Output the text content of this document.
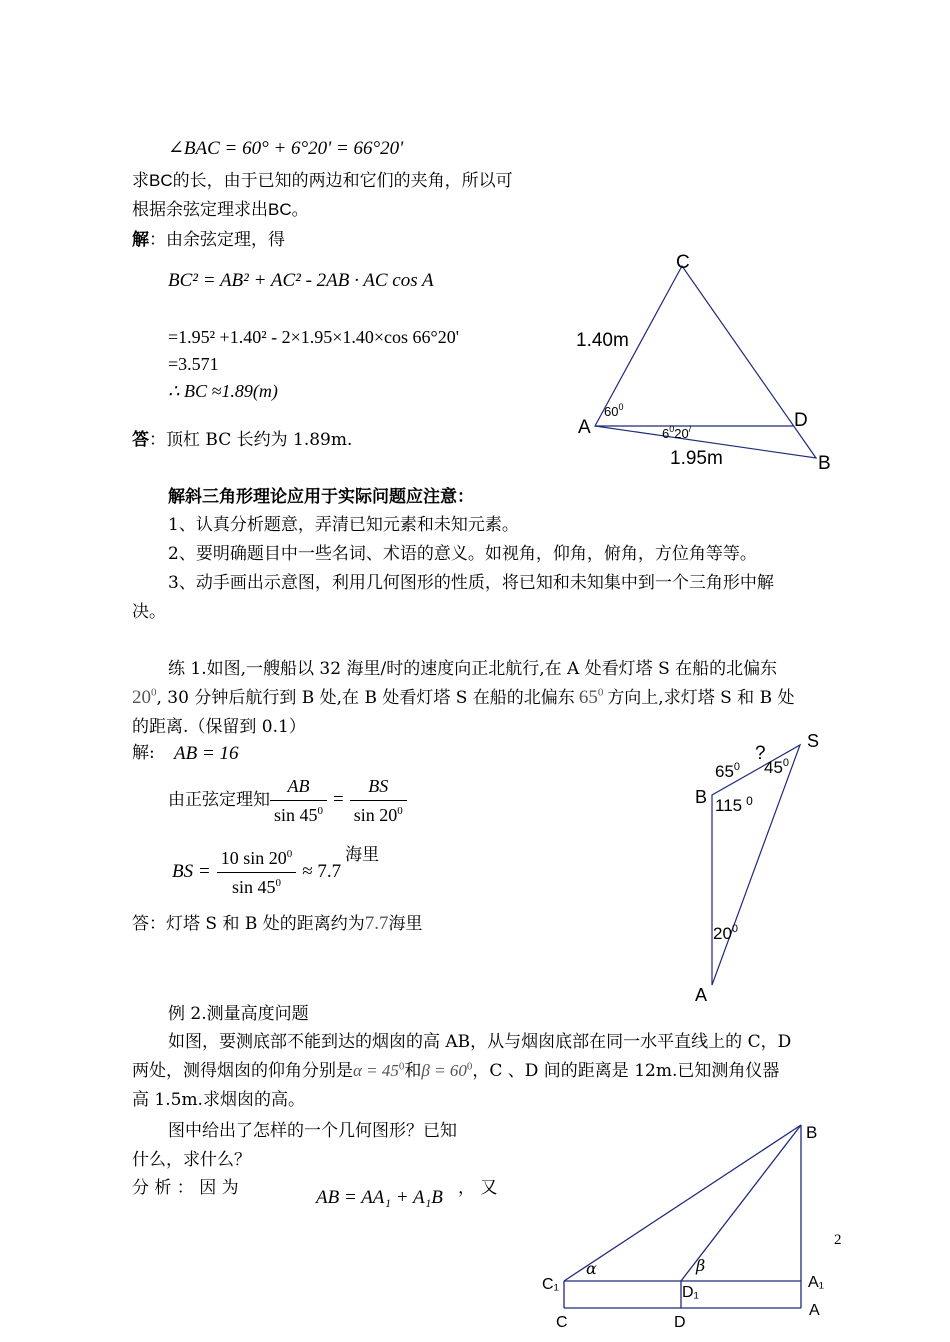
∠BAC = 60° + 6°20' = 66°20'
求BC的长，由于已知的两边和它们的夹角，所以可
根据余弦定理求出BC。
解：由余弦定理，得
BC² = AB² + AC² - 2AB · AC cos A
=1.95² +1.40² - 2×1.95×1.40×cos 66°20'
=3.571
∴ BC ≈1.89(m)
答：顶杠 BC 长约为 1.89m.
C
A	D
B
1.40m
1.95m
$60^0$
$6^020^/$
解斜三角形理论应用于实际问题应注意：
1、认真分析题意，弄清已知元素和未知元素。
2、要明确题目中一些名词、术语的意义。如视角，仰角，俯角，方位角等等。
3、动手画出示意图，利用几何图形的性质，将已知和未知集中到一个三角形中解
决。
练 1.如图,一艘船以 32 海里/时的速度向正北航行,在 A 处看灯塔 S 在船的北偏东
$20^0$, 30 分钟后航行到 B 处,在 B 处看灯塔 S 在船的北偏东 $65^0$ 方向上,求灯塔 S 和 B 处
的距离.（保留到 0.1）
解: AB = 16
由正弦定理知 $\frac{AB}{\sin 45^0} = \frac{BS}{\sin 20^0}$
BS = $\frac{10 \sin 20^0}{\sin 45^0} \approx 7.7$
海里
答：灯塔 S 和 B 处的距离约为7.7海里
S
B
A
$65^0$
?
$45^0$
115 $^0$
$20^0$
例 2.测量高度问题
如图，要测底部不能到达的烟囱的高 AB，从与烟囱底部在同一水平直线上的 C，D
两处，测得烟囱的仰角分别是$\alpha = 45^0$和$\beta = 60^0$，C 、D 间的距离是 12m.已知测角仪器
高 1.5m.求烟囱的高。
图中给出了怎样的一个几何图形？已知
什么，求什么？
分 析 ： 因 为	AB = AA₁ + A₁B ， 又
B
C₁	D₁
A₁
C	D
A
α	β
2
